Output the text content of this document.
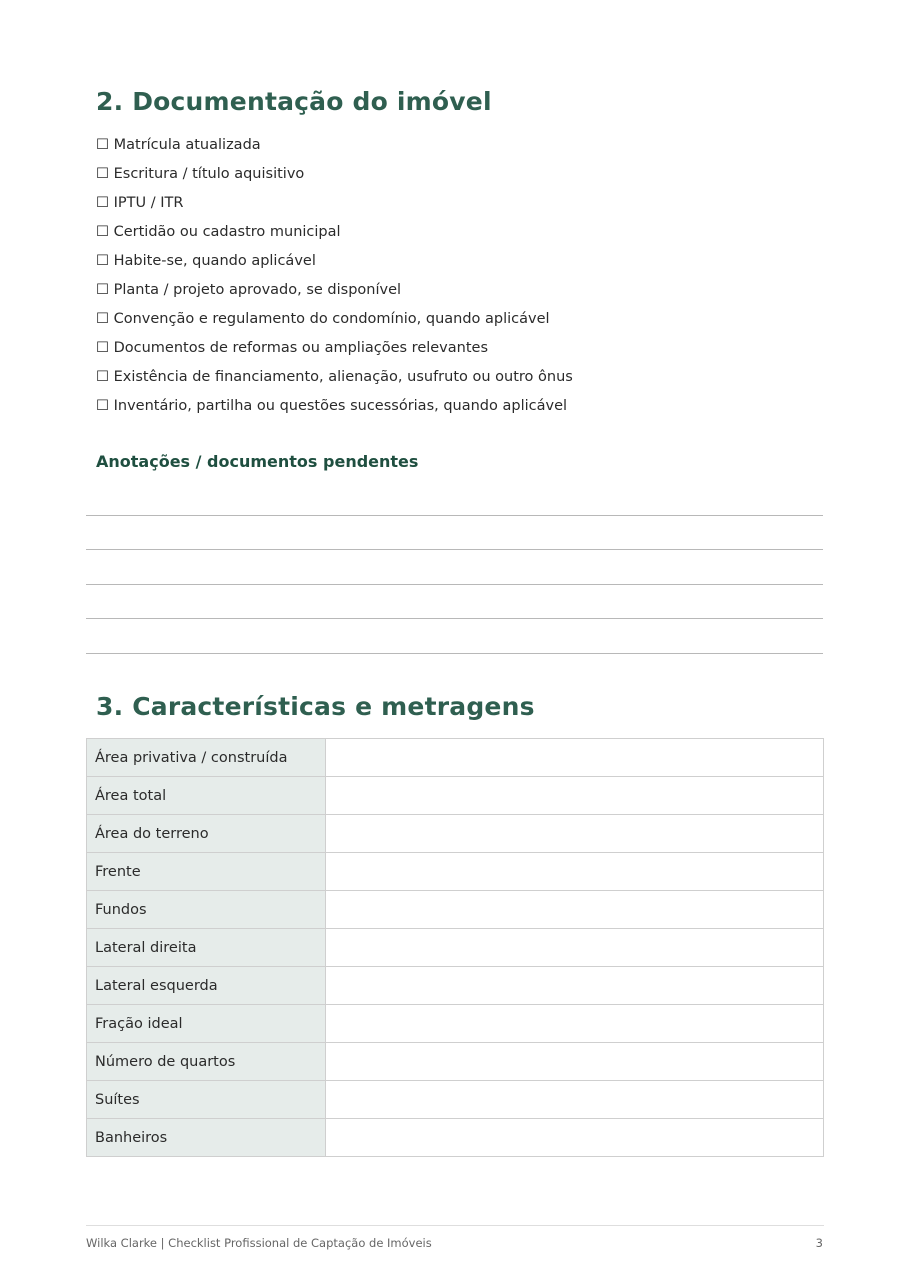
2. Documentação do imóvel
☐ Matrícula atualizada
☐ Escritura / título aquisitivo
☐ IPTU / ITR
☐ Certidão ou cadastro municipal
☐ Habite-se, quando aplicável
☐ Planta / projeto aprovado, se disponível
☐ Convenção e regulamento do condomínio, quando aplicável
☐ Documentos de reformas ou ampliações relevantes
☐ Existência de financiamento, alienação, usufruto ou outro ônus
☐ Inventário, partilha ou questões sucessórias, quando aplicável
Anotações / documentos pendentes
3. Características e metragens
Área privativa / construída	
Área total	
Área do terreno	
Frente	
Fundos	
Lateral direita	
Lateral esquerda	
Fração ideal	
Número de quartos	
Suítes	
Banheiros	
Wilka Clarke | Checklist Profissional de Captação de Imóveis	3
